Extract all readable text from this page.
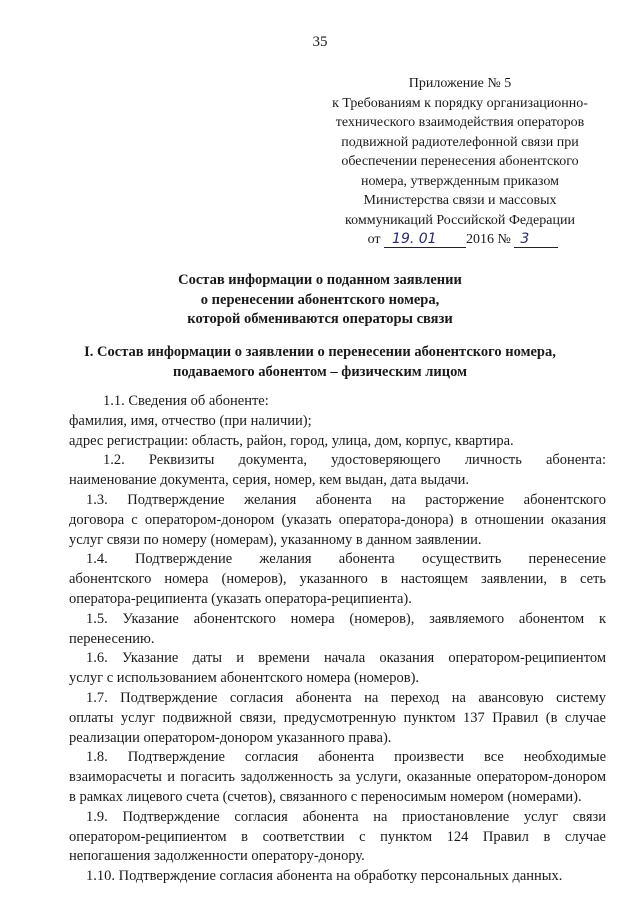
35
Приложение № 5
к Требованиям к порядку организационно-
технического взаимодействия операторов
подвижной радиотелефонной связи при
обеспечении перенесения абонентского
номера, утвержденным приказом
Министерства связи и массовых
коммуникаций Российской Федерации
от 19. 01 2016 № 3
Состав информации о поданном заявлении
о перенесении абонентского номера,
которой обмениваются операторы связи
I. Состав информации о заявлении о перенесении абонентского номера,
подаваемого абонентом – физическим лицом
1.1. Сведения об абоненте:
фамилия, имя, отчество (при наличии);
адрес регистрации: область, район, город, улица, дом, корпус, квартира.
1.2. Реквизиты документа, удостоверяющего личность абонента:
наименование документа, серия, номер, кем выдан, дата выдачи.
1.3. Подтверждение желания абонента на расторжение абонентского
договора с оператором-донором (указать оператора-донора) в отношении оказания
услуг связи по номеру (номерам), указанному в данном заявлении.
1.4. Подтверждение желания абонента осуществить перенесение
абонентского номера (номеров), указанного в настоящем заявлении, в сеть
оператора-реципиента (указать оператора-реципиента).
1.5. Указание абонентского номера (номеров), заявляемого абонентом к
перенесению.
1.6. Указание даты и времени начала оказания оператором-реципиентом
услуг с использованием абонентского номера (номеров).
1.7. Подтверждение согласия абонента на переход на авансовую систему
оплаты услуг подвижной связи, предусмотренную пунктом 137 Правил (в случае
реализации оператором-донором указанного права).
1.8. Подтверждение согласия абонента произвести все необходимые
взаиморасчеты и погасить задолженность за услуги, оказанные оператором-донором
в рамках лицевого счета (счетов), связанного с переносимым номером (номерами).
1.9. Подтверждение согласия абонента на приостановление услуг связи
оператором-реципиентом в соответствии с пунктом 124 Правил в случае
непогашения задолженности оператору-донору.
1.10. Подтверждение согласия абонента на обработку персональных данных.
